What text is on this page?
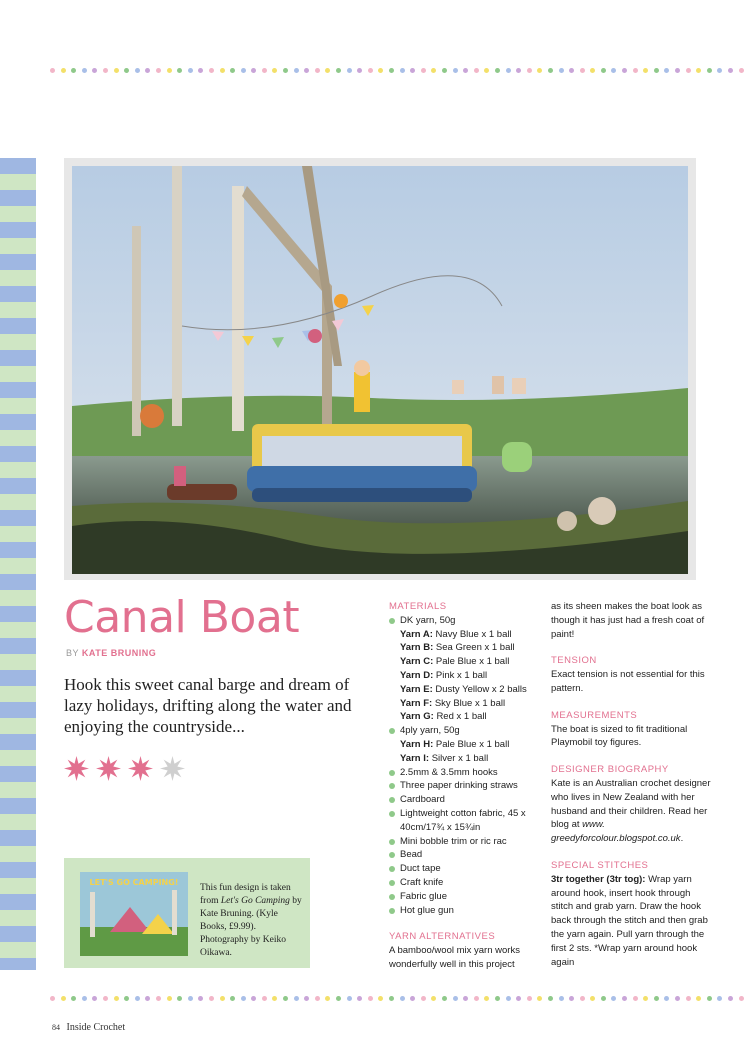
Canal Boat
BY KATE BRUNING
Hook this sweet canal barge and dream of lazy holidays, drifting along the water and enjoying the countryside...
LET'S GO CAMPING!
This fun design is taken from Let's Go Camping by Kate Bruning. (Kyle Books, £9.99). Photography by Keiko Oikawa.

MATERIALS

DK yarn, 50g
Yarn A: Navy Blue x 1 ball
Yarn B: Sea Green x 1 ball
Yarn C: Pale Blue x 1 ball
Yarn D: Pink x 1 ball
Yarn E: Dusty Yellow x 2 balls
Yarn F: Sky Blue x 1 ball
Yarn G: Red x 1 ball
4ply yarn, 50g
Yarn H: Pale Blue x 1 ball
Yarn I: Silver x 1 ball
2.5mm & 3.5mm hooks
Three paper drinking straws
Cardboard
Lightweight cotton fabric, 45 x 40cm/17¾ x 15¾in
Mini bobble trim or ric rac
Bead
Duct tape
Craft knife
Fabric glue
Hot glue gun

YARN ALTERNATIVES

A bamboo/wool mix yarn works wonderfully well in this project

as its sheen makes the boat look as though it has just had a fresh coat of paint!

TENSION

Exact tension is not essential for this pattern.

MEASUREMENTS

The boat is sized to fit traditional Playmobil toy figures.

DESIGNER BIOGRAPHY

Kate is an Australian crochet designer who lives in New Zealand with her husband and their children. Read her blog at www. greedyforcolour.blogspot.co.uk.

SPECIAL STITCHES

3tr together (3tr tog): Wrap yarn around hook, insert hook through stitch and grab yarn. Draw the hook back through the stitch and then grab the yarn again. Pull yarn through the first 2 sts. *Wrap yarn around hook again

84 Inside Crochet
